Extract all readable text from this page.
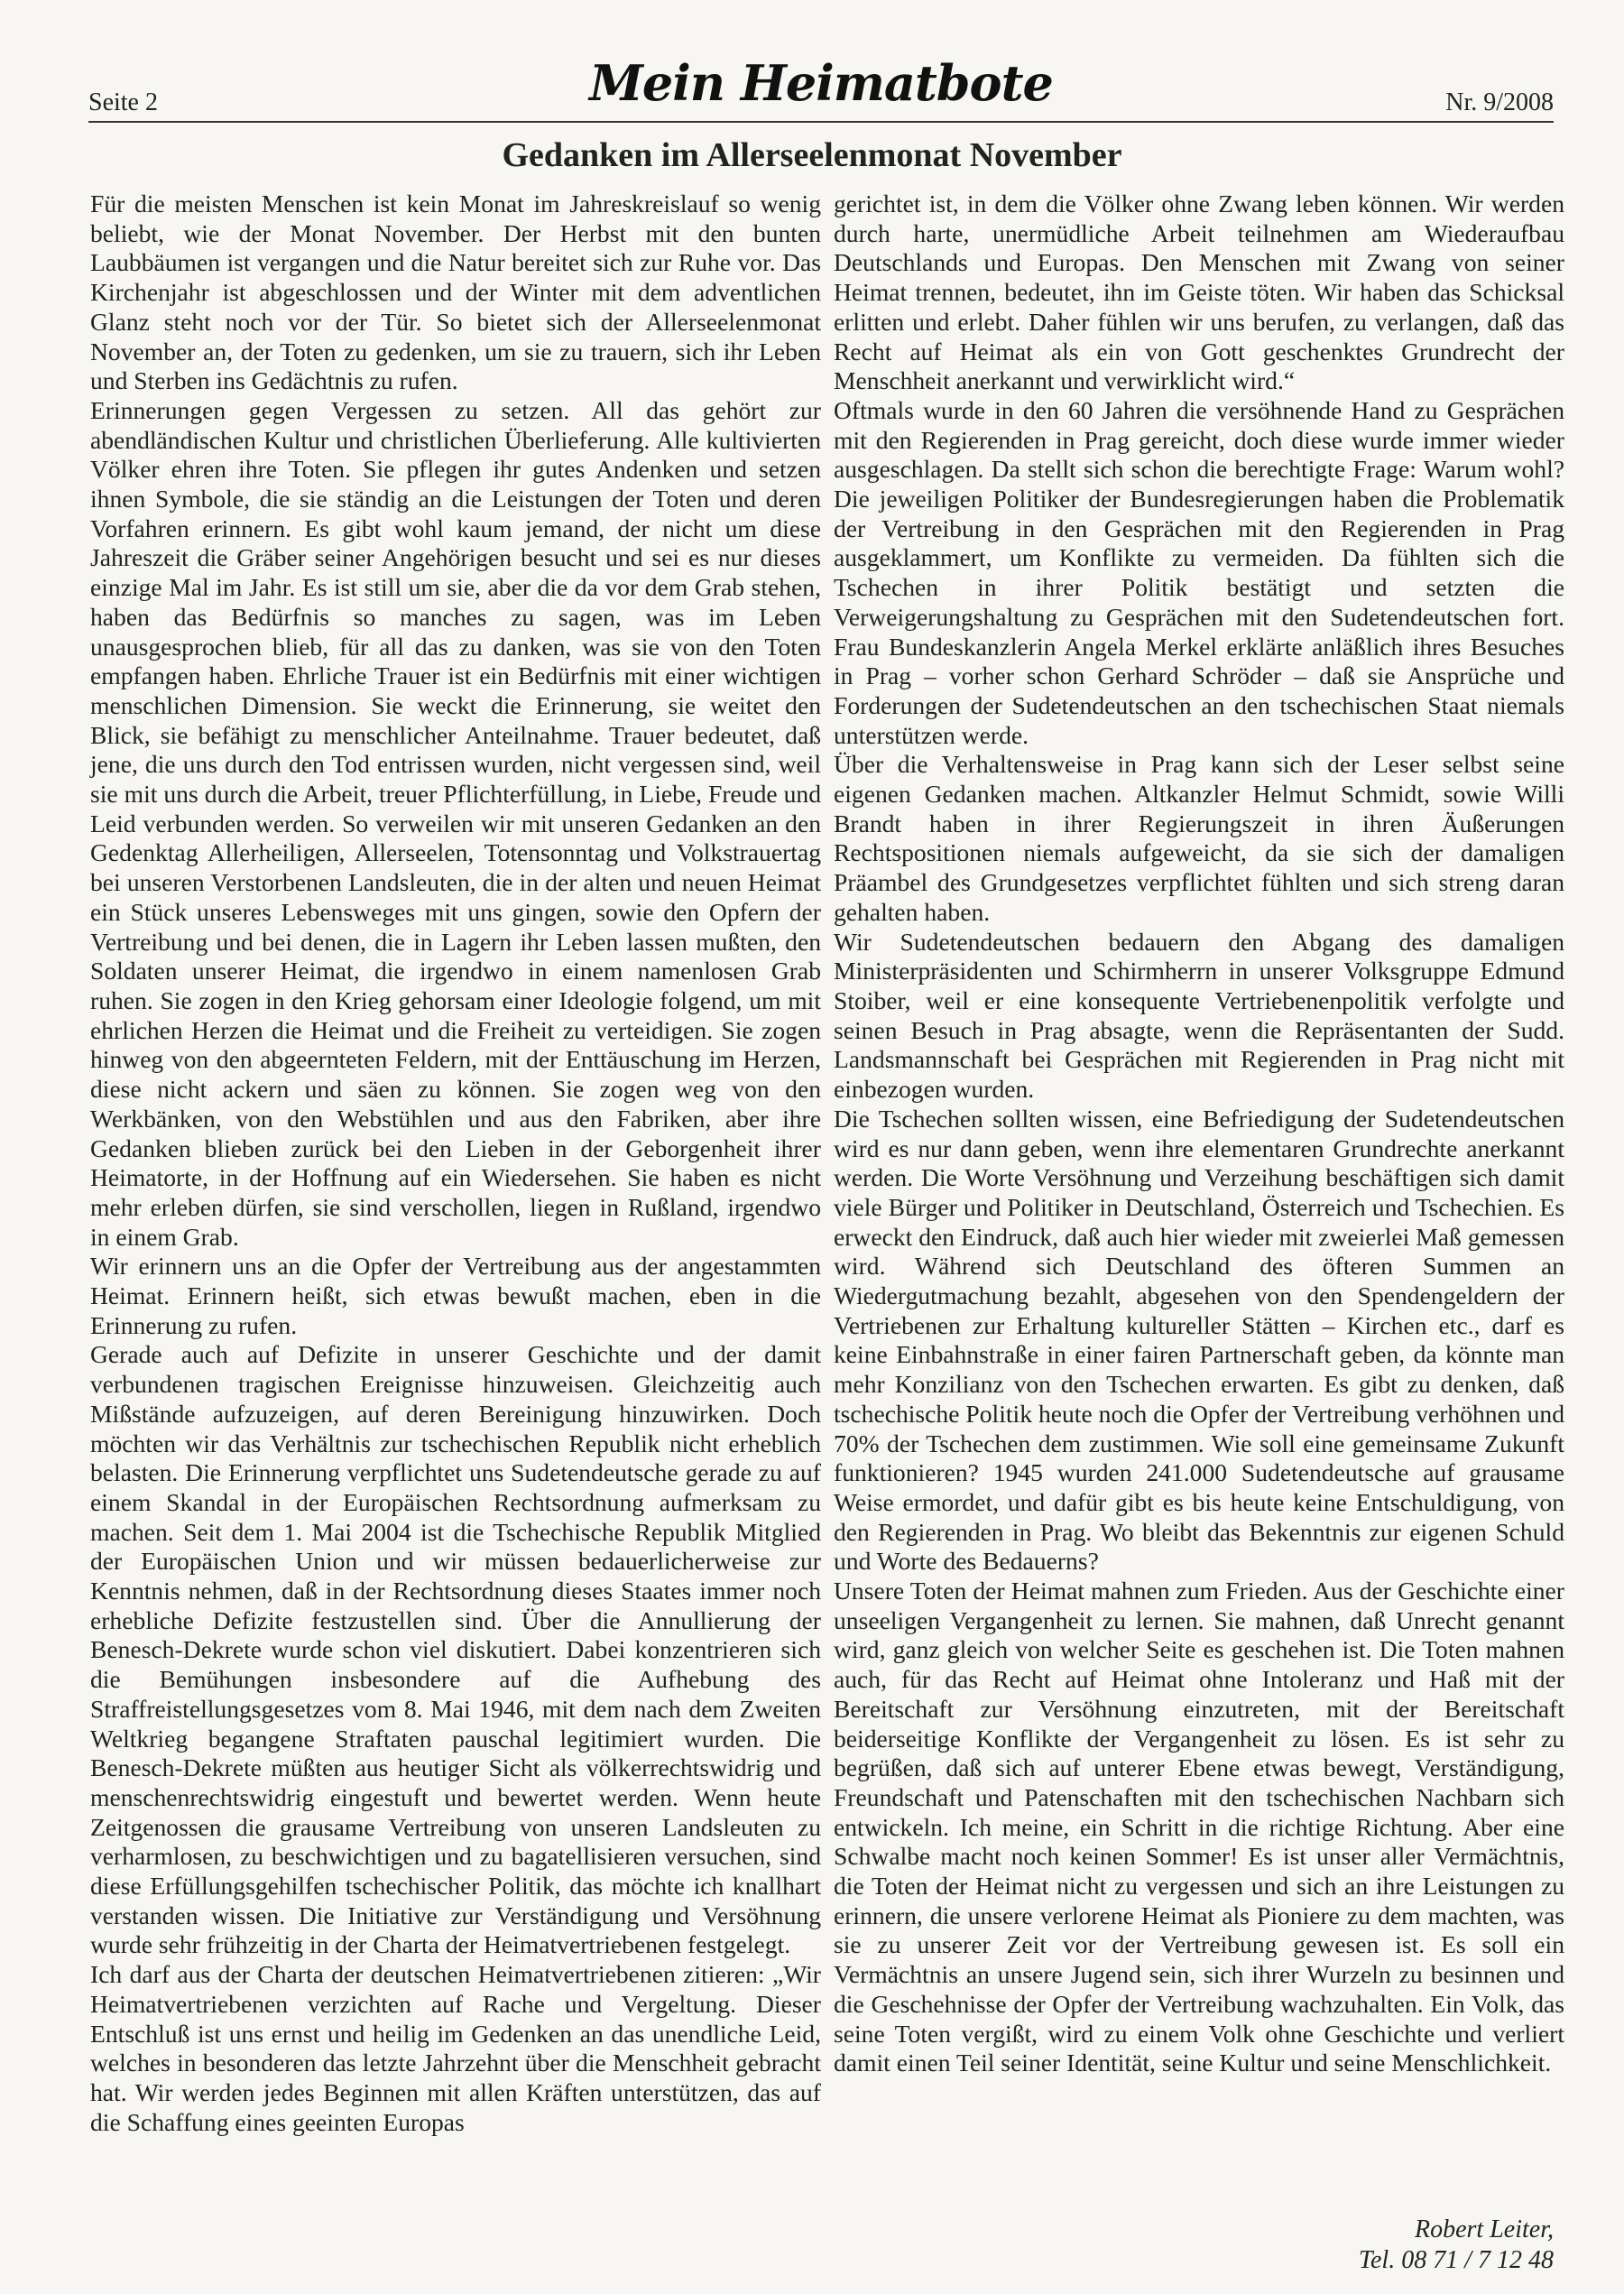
Seite 2	Mein Heimatbote	Nr. 9/2008
Gedanken im Allerseelenmonat November

Für die meisten Menschen ist kein Monat im Jahreskreislauf so wenig beliebt, wie der Monat November. Der Herbst mit den bunten Laubbäumen ist vergangen und die Natur bereitet sich zur Ruhe vor. Das Kirchenjahr ist abgeschlossen und der Winter mit dem adventlichen Glanz steht noch vor der Tür. So bietet sich der Allerseelenmonat November an, der Toten zu gedenken, um sie zu trauern, sich ihr Leben und Sterben ins Gedächtnis zu rufen.

Erinnerungen gegen Vergessen zu setzen. All das gehört zur abendländischen Kultur und christlichen Überlieferung. Alle kultivierten Völker ehren ihre Toten. Sie pflegen ihr gutes Andenken und setzen ihnen Symbole, die sie ständig an die Leistungen der Toten und deren Vorfahren erinnern. Es gibt wohl kaum jemand, der nicht um diese Jahreszeit die Gräber seiner Angehörigen besucht und sei es nur dieses einzige Mal im Jahr. Es ist still um sie, aber die da vor dem Grab stehen, haben das Bedürfnis so manches zu sagen, was im Leben unausgesprochen blieb, für all das zu danken, was sie von den Toten empfangen haben. Ehrliche Trauer ist ein Bedürfnis mit einer wichtigen menschlichen Dimension. Sie weckt die Erinnerung, sie weitet den Blick, sie befähigt zu menschlicher Anteilnahme. Trauer bedeutet, daß jene, die uns durch den Tod entrissen wurden, nicht vergessen sind, weil sie mit uns durch die Arbeit, treuer Pflichterfüllung, in Liebe, Freude und Leid verbunden werden. So verweilen wir mit unseren Gedanken an den Gedenktag Allerheiligen, Allerseelen, Totensonntag und Volkstrauertag bei unseren Verstorbenen Landsleuten, die in der alten und neuen Heimat ein Stück unseres Lebensweges mit uns gingen, sowie den Opfern der Vertreibung und bei denen, die in Lagern ihr Leben lassen mußten, den Soldaten unserer Heimat, die irgendwo in einem namenlosen Grab ruhen. Sie zogen in den Krieg gehorsam einer Ideologie folgend, um mit ehrlichen Herzen die Heimat und die Freiheit zu verteidigen. Sie zogen hinweg von den abgeernteten Feldern, mit der Enttäuschung im Herzen, diese nicht ackern und säen zu können. Sie zogen weg von den Werkbänken, von den Webstühlen und aus den Fabriken, aber ihre Gedanken blieben zurück bei den Lieben in der Geborgenheit ihrer Heimatorte, in der Hoffnung auf ein Wiedersehen. Sie haben es nicht mehr erleben dürfen, sie sind verschollen, liegen in Rußland, irgendwo in einem Grab.

Wir erinnern uns an die Opfer der Vertreibung aus der angestammten Heimat. Erinnern heißt, sich etwas bewußt machen, eben in die Erinnerung zu rufen.

Gerade auch auf Defizite in unserer Geschichte und der damit verbundenen tragischen Ereignisse hinzuweisen. Gleichzeitig auch Mißstände aufzuzeigen, auf deren Bereinigung hinzuwirken. Doch möchten wir das Verhältnis zur tschechischen Republik nicht erheblich belasten. Die Erinnerung verpflichtet uns Sudetendeutsche gerade zu auf einem Skandal in der Europäischen Rechtsordnung aufmerksam zu machen. Seit dem 1. Mai 2004 ist die Tschechische Republik Mitglied der Europäischen Union und wir müssen bedauerlicherweise zur Kenntnis nehmen, daß in der Rechtsordnung dieses Staates immer noch erhebliche Defizite festzustellen sind. Über die Annullierung der Benesch-Dekrete wurde schon viel diskutiert. Dabei konzentrieren sich die Bemühungen insbesondere auf die Aufhebung des Straffreistellungsgesetzes vom 8. Mai 1946, mit dem nach dem Zweiten Weltkrieg begangene Straftaten pauschal legitimiert wurden. Die Benesch-Dekrete müßten aus heutiger Sicht als völkerrechtswidrig und menschenrechtswidrig eingestuft und bewertet werden. Wenn heute Zeitgenossen die grausame Vertreibung von unseren Landsleuten zu verharmlosen, zu beschwichtigen und zu bagatellisieren versuchen, sind diese Erfüllungsgehilfen tschechischer Politik, das möchte ich knallhart verstanden wissen. Die Initiative zur Verständigung und Versöhnung wurde sehr frühzeitig in der Charta der Heimatvertriebenen festgelegt.

Ich darf aus der Charta der deutschen Heimatvertriebenen zitieren: „Wir Heimatvertriebenen verzichten auf Rache und Vergeltung. Dieser Entschluß ist uns ernst und heilig im Gedenken an das unendliche Leid, welches in besonderen das letzte Jahrzehnt über die Menschheit gebracht hat. Wir werden jedes Beginnen mit allen Kräften unterstützen, das auf die Schaffung eines geeinten Europas

gerichtet ist, in dem die Völker ohne Zwang leben können. Wir werden durch harte, unermüdliche Arbeit teilnehmen am Wiederaufbau Deutschlands und Europas. Den Menschen mit Zwang von seiner Heimat trennen, bedeutet, ihn im Geiste töten. Wir haben das Schicksal erlitten und erlebt. Daher fühlen wir uns berufen, zu verlangen, daß das Recht auf Heimat als ein von Gott geschenktes Grundrecht der Menschheit anerkannt und verwirklicht wird.“

Oftmals wurde in den 60 Jahren die versöhnende Hand zu Gesprächen mit den Regierenden in Prag gereicht, doch diese wurde immer wieder ausgeschlagen. Da stellt sich schon die berechtigte Frage: Warum wohl? Die jeweiligen Politiker der Bundesregierungen haben die Problematik der Vertreibung in den Gesprächen mit den Regierenden in Prag ausgeklammert, um Konflikte zu vermeiden. Da fühlten sich die Tschechen in ihrer Politik bestätigt und setzten die Verweigerungshaltung zu Gesprächen mit den Sudetendeutschen fort. Frau Bundeskanzlerin Angela Merkel erklärte anläßlich ihres Besuches in Prag – vorher schon Gerhard Schröder – daß sie Ansprüche und Forderungen der Sudetendeutschen an den tschechischen Staat niemals unterstützen werde.

Über die Verhaltensweise in Prag kann sich der Leser selbst seine eigenen Gedanken machen. Altkanzler Helmut Schmidt, sowie Willi Brandt haben in ihrer Regierungszeit in ihren Äußerungen Rechtspositionen niemals aufgeweicht, da sie sich der damaligen Präambel des Grundgesetzes verpflichtet fühlten und sich streng daran gehalten haben.

Wir Sudetendeutschen bedauern den Abgang des damaligen Ministerpräsidenten und Schirmherrn in unserer Volksgruppe Edmund Stoiber, weil er eine konsequente Vertriebenenpolitik verfolgte und seinen Besuch in Prag absagte, wenn die Repräsentanten der Sudd. Landsmannschaft bei Gesprächen mit Regierenden in Prag nicht mit einbezogen wurden.

Die Tschechen sollten wissen, eine Befriedigung der Sudetendeutschen wird es nur dann geben, wenn ihre elementaren Grundrechte anerkannt werden. Die Worte Versöhnung und Verzeihung beschäftigen sich damit viele Bürger und Politiker in Deutschland, Österreich und Tschechien. Es erweckt den Eindruck, daß auch hier wieder mit zweierlei Maß gemessen wird. Während sich Deutschland des öfteren Summen an Wiedergutmachung bezahlt, abgesehen von den Spendengeldern der Vertriebenen zur Erhaltung kultureller Stätten – Kirchen etc., darf es keine Einbahnstraße in einer fairen Partnerschaft geben, da könnte man mehr Konzilianz von den Tschechen erwarten. Es gibt zu denken, daß tschechische Politik heute noch die Opfer der Vertreibung verhöhnen und 70% der Tschechen dem zustimmen. Wie soll eine gemeinsame Zukunft funktionieren? 1945 wurden 241.000 Sudetendeutsche auf grausame Weise ermordet, und dafür gibt es bis heute keine Entschuldigung, von den Regierenden in Prag. Wo bleibt das Bekenntnis zur eigenen Schuld und Worte des Bedauerns?

Unsere Toten der Heimat mahnen zum Frieden. Aus der Geschichte einer unseeligen Vergangenheit zu lernen. Sie mahnen, daß Unrecht genannt wird, ganz gleich von welcher Seite es geschehen ist. Die Toten mahnen auch, für das Recht auf Heimat ohne Intoleranz und Haß mit der Bereitschaft zur Versöhnung einzutreten, mit der Bereitschaft beiderseitige Konflikte der Vergangenheit zu lösen. Es ist sehr zu begrüßen, daß sich auf unterer Ebene etwas bewegt, Verständigung, Freundschaft und Patenschaften mit den tschechischen Nachbarn sich entwickeln. Ich meine, ein Schritt in die richtige Richtung. Aber eine Schwalbe macht noch keinen Sommer! Es ist unser aller Vermächtnis, die Toten der Heimat nicht zu vergessen und sich an ihre Leistungen zu erinnern, die unsere verlorene Heimat als Pioniere zu dem machten, was sie zu unserer Zeit vor der Vertreibung gewesen ist. Es soll ein Vermächtnis an unsere Jugend sein, sich ihrer Wurzeln zu besinnen und die Geschehnisse der Opfer der Vertreibung wachzuhalten. Ein Volk, das seine Toten vergißt, wird zu einem Volk ohne Geschichte und verliert damit einen Teil seiner Identität, seine Kultur und seine Menschlichkeit.

Robert Leiter,
Tel. 08 71 / 7 12 48
